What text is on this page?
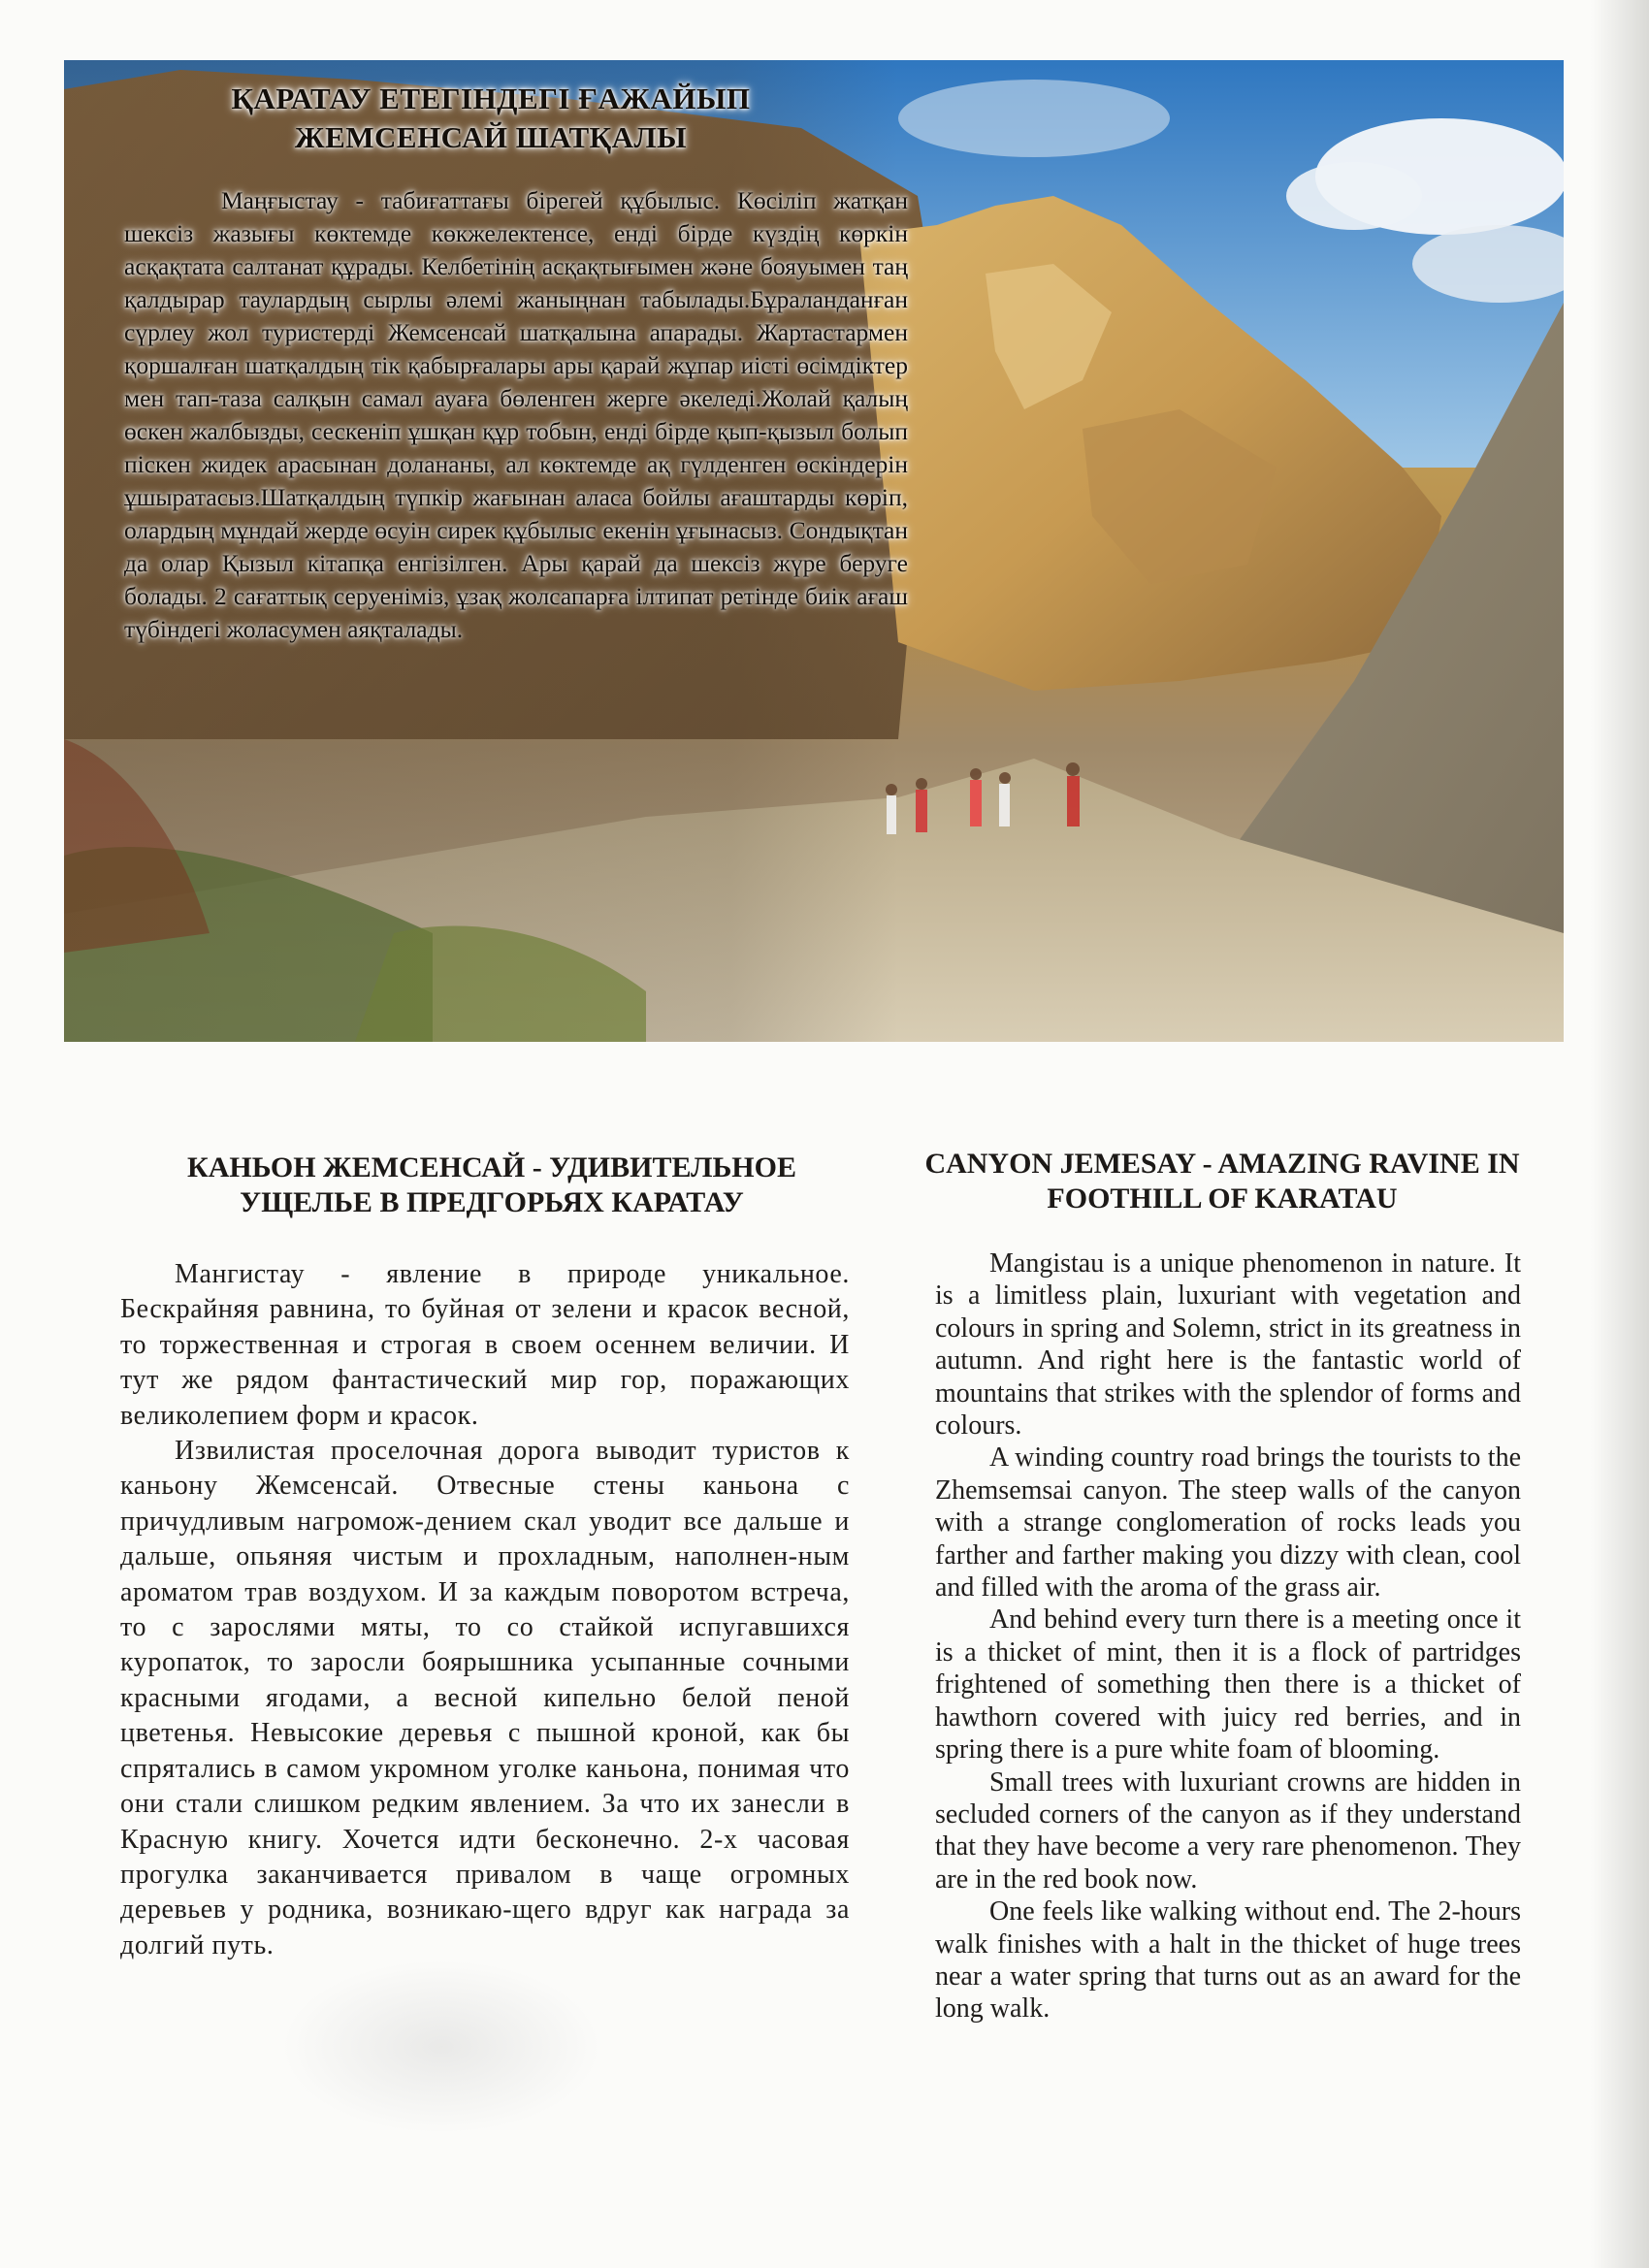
ҚАРАТАУ ЕТЕГІНДЕГІ ҒАЖАЙЫП ЖЕМСЕНСАЙ ШАТҚАЛЫ
Маңғыстау - табиғаттағы бірегей құбылыс. Көсіліп жатқан шексіз жазығы көктемде көкжелектенсе, енді бірде күздің көркін асқақтата салтанат құрады. Келбетінің асқақтығымен және бояуымен таң қалдырар таулардың сырлы әлемі жаныңнан табылады.Бұраланданған сүрлеу жол туристерді Жемсенсай шатқалына апарады. Жартастармен қоршалған шатқалдың тік қабырғалары ары қарай жұпар иісті өсімдіктер мен тап-таза салқын самал ауаға бөленген жерге әкеледі.Жолай қалың өскен жалбызды, сескеніп ұшқан құр тобын, енді бірде қып-қызыл болып піскен жидек арасынан долананы, ал көктемде ақ гүлденген өскіндерін ұшыратасыз.Шатқалдың түпкір жағынан аласа бойлы ағаштарды көріп, олардың мұндай жерде өсуін сирек құбылыс екенін ұғынасыз. Сондықтан да олар Қызыл кітапқа енгізілген. Ары қарай да шексіз жүре беруге болады. 2 сағаттық серуеніміз, ұзақ жолсапарға ілтипат ретінде биік ағаш түбіндегі жоласумен аяқталады.
КАНЬОН ЖЕМСЕНСАЙ - УДИВИТЕЛЬНОЕ УЩЕЛЬЕ В ПРЕДГОРЬЯХ КАРАТАУ

Мангистау - явление в природе уникальное. Бескрайняя равнина, то буйная от зелени и красок весной, то торжественная и строгая в своем осеннем величии. И тут же рядом фантастический мир гор, поражающих великолепием форм и красок.

Извилистая проселочная дорога выводит туристов к каньону Жемсенсай. Отвесные стены каньона с причудливым нагромож-дением скал уводит все дальше и дальше, опьяняя чистым и прохладным, наполнен-ным ароматом трав воздухом. И за каждым поворотом встреча, то с зарослями мяты, то со стайкой испугавшихся куропаток, то заросли боярышника усыпанные сочными красными ягодами, а весной кипельно белой пеной цветенья. Невысокие деревья с пышной кроной, как бы спрятались в самом укромном уголке каньона, понимая что они стали слишком редким явлением. За что их занесли в Красную книгу. Хочется идти бесконечно. 2-х часовая прогулка заканчивается привалом в чаще огромных деревьев у родника, возникаю-щего вдруг как награда за долгий путь.

CANYON JEMESAY - AMAZING RAVINE IN FOOTHILL OF KARATAU

Mangistau is a unique phenomenon in nature. It is a limitless plain, luxuriant with vegetation and colours in spring and Solemn, strict in its greatness in autumn. And right here is the fantastic world of mountains that strikes with the splendor of forms and colours.

A winding country road brings the tourists to the Zhemsemsai canyon. The steep walls of the canyon with a strange conglomeration of rocks leads you farther and farther making you dizzy with clean, cool and filled with the aroma of the grass air.

And behind every turn there is a meeting once it is a thicket of mint, then it is a flock of partridges frightened of something then there is a thicket of hawthorn covered with juicy red berries, and in spring there is a pure white foam of blooming.

Small trees with luxuriant crowns are hidden in secluded corners of the canyon as if they understand that they have become a very rare phenomenon. They are in the red book now.

One feels like walking without end. The 2-hours walk finishes with a halt in the thicket of huge trees near a water spring that turns out as an award for the long walk.
